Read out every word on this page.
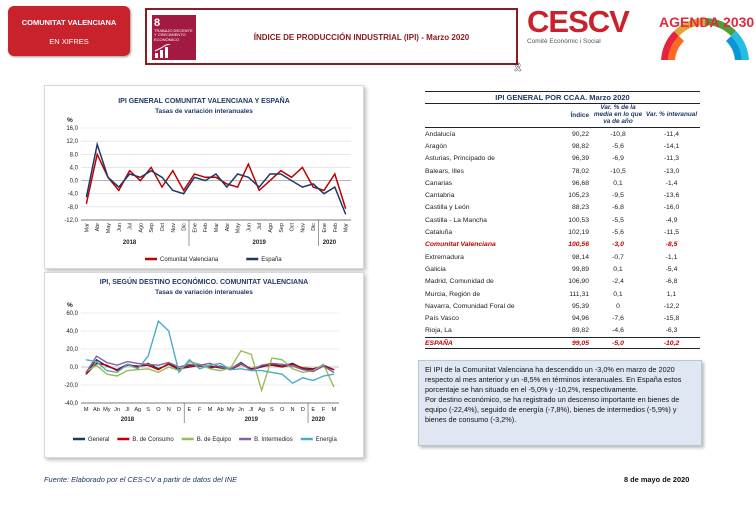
COMUNITAT VALENCIANA
EN XIFRES
8
TRABAJO DECENTE Y CRECIMIENTO ECONÓMICO	ÍNDICE DE PRODUCCIÓN INDUSTRIAL (IPI) - Marzo 2020
🎗
CESCV
Comitè Econòmic i Social
AGENDA 2030
IPI GENERAL COMUNITAT VALENCIANA Y ESPAÑA
Tasas de variación interanuales
%
16,0
12,0
8,0
4,0
0,0
-4,0
-8,0
-12,0
Mar Abr May Jun Jul Ago Sep Oct Nov Dic Ene Feb Mar Abr May Jun Jul Ago Sep Oct Nov Dic Ene Feb Mar
2018	2019	2020
Comunitat Valenciana	España
IPI, SEGÚN DESTINO ECONÓMICO. COMUNITAT VALENCIANA
Tasas de variación interanuales
%
60,0
40,0
20,0
0,0
-20,0
-40,0
M Ab My Jn Jl Ag S O N D E F M Ab My Jn Jl Ag S O N D E F M
2018	2019	2020
General	B. de Consumo	B. de Equipo	B. Intermedios	Energía
IPI GENERAL POR CCAA. Marzo 2020
Índice
Var. % de la media en lo que va de año
Var. % interanual
Andalucía	90,22	-10,8	-11,4
Aragón	98,82	-5,6	-14,1
Asturias, Principado de	96,39	-6,9	-11,3
Balears, Illes	78,02	-10,5	-13,0
Canarias	96,68	0,1	-1,4
Cantabria	105,23	-9,5	-13,6
Castilla y León	88,23	-6,8	-16,0
Castilla - La Mancha	100,53	-5,5	-4,9
Cataluña	102,19	-5,6	-11,5
Comunitat Valenciana	100,56	-3,0	-8,5
Extremadura	98,14	-0,7	-1,1
Galicia	99,89	0,1	-5,4
Madrid, Comunidad de	106,90	-2,4	-6,8
Murcia, Región de	111,31	0,1	1,1
Navarra, Comunidad Foral de	95,39	0	-12,2
País Vasco	94,96	-7,6	-15,8
Rioja, La	89,82	-4,6	-6,3
ESPAÑA	99,05	-5,0	-10,2

El IPI de la Comunitat Valenciana ha descendido un -3,0% en marzo de 2020 respecto al mes anterior y un -8,5% en términos interanuales. En España estos porcentaje se han situado en el -5,0% y -10,2%, respectivamente.

Por destino económico, se ha registrado un descenso importante en bienes de equipo (-22,4%), seguido de energía (-7,8%), bienes de intermedios (-5,9%) y bienes de consumo (-3,2%).

Fuente: Elaborado por el CES-CV a partir de datos del INE	8 de mayo de 2020
